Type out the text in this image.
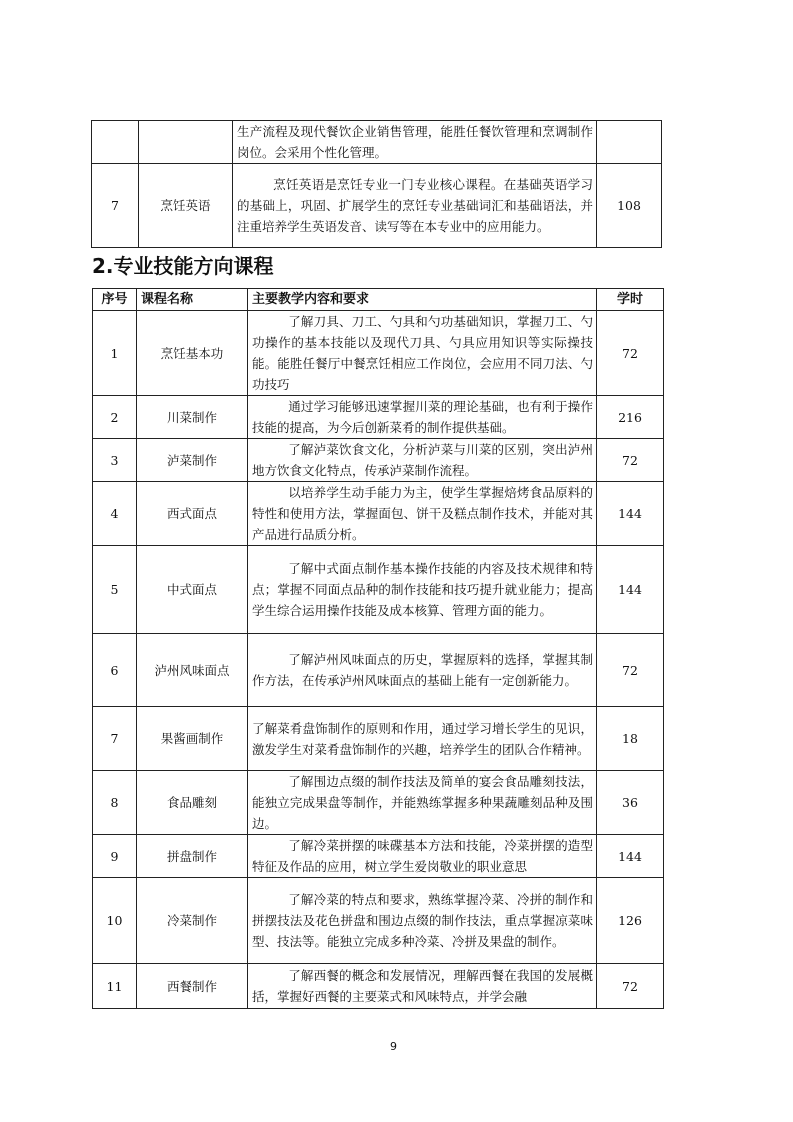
		生产流程及现代餐饮企业销售管理，能胜任餐饮管理和烹调制作岗位。会采用个性化管理。	
7	烹饪英语	烹饪英语是烹饪专业一门专业核心课程。在基础英语学习的基础上，巩固、扩展学生的烹饪专业基础词汇和基础语法，并注重培养学生英语发音、读写等在本专业中的应用能力。	108
2.专业技能方向课程
序号	课程名称	主要教学内容和要求	学时
1	烹饪基本功	了解刀具、刀工、勺具和勺功基础知识，掌握刀工、勺功操作的基本技能以及现代刀具、勺具应用知识等实际操技能。能胜任餐厅中餐烹饪相应工作岗位，会应用不同刀法、勺功技巧	72
2	川菜制作	通过学习能够迅速掌握川菜的理论基础，也有利于操作技能的提高，为今后创新菜肴的制作提供基础。	216
3	泸菜制作	了解泸菜饮食文化，分析泸菜与川菜的区别，突出泸州地方饮食文化特点，传承泸菜制作流程。	72
4	西式面点	以培养学生动手能力为主，使学生掌握焙烤食品原料的特性和使用方法，掌握面包、饼干及糕点制作技术，并能对其产品进行品质分析。	144
5	中式面点	了解中式面点制作基本操作技能的内容及技术规律和特点；掌握不同面点品种的制作技能和技巧提升就业能力；提高学生综合运用操作技能及成本核算、管理方面的能力。	144
6	泸州风味面点	了解泸州风味面点的历史，掌握原料的选择，掌握其制作方法，在传承泸州风味面点的基础上能有一定创新能力。	72
7	果酱画制作	了解菜肴盘饰制作的原则和作用，通过学习增长学生的见识，激发学生对菜肴盘饰制作的兴趣，培养学生的团队合作精神。	18
8	食品雕刻	了解围边点缀的制作技法及简单的宴会食品雕刻技法，能独立完成果盘等制作，并能熟练掌握多种果蔬雕刻品种及围边。	36
9	拼盘制作	了解冷菜拼摆的味碟基本方法和技能，冷菜拼摆的造型特征及作品的应用，树立学生爱岗敬业的职业意思	144
10	冷菜制作	了解冷菜的特点和要求，熟练掌握冷菜、冷拼的制作和拼摆技法及花色拼盘和围边点缀的制作技法，重点掌握凉菜味型、技法等。能独立完成多种冷菜、冷拼及果盘的制作。	126
11	西餐制作	了解西餐的概念和发展情况，理解西餐在我国的发展概括，掌握好西餐的主要菜式和风味特点，并学会融	72
9
